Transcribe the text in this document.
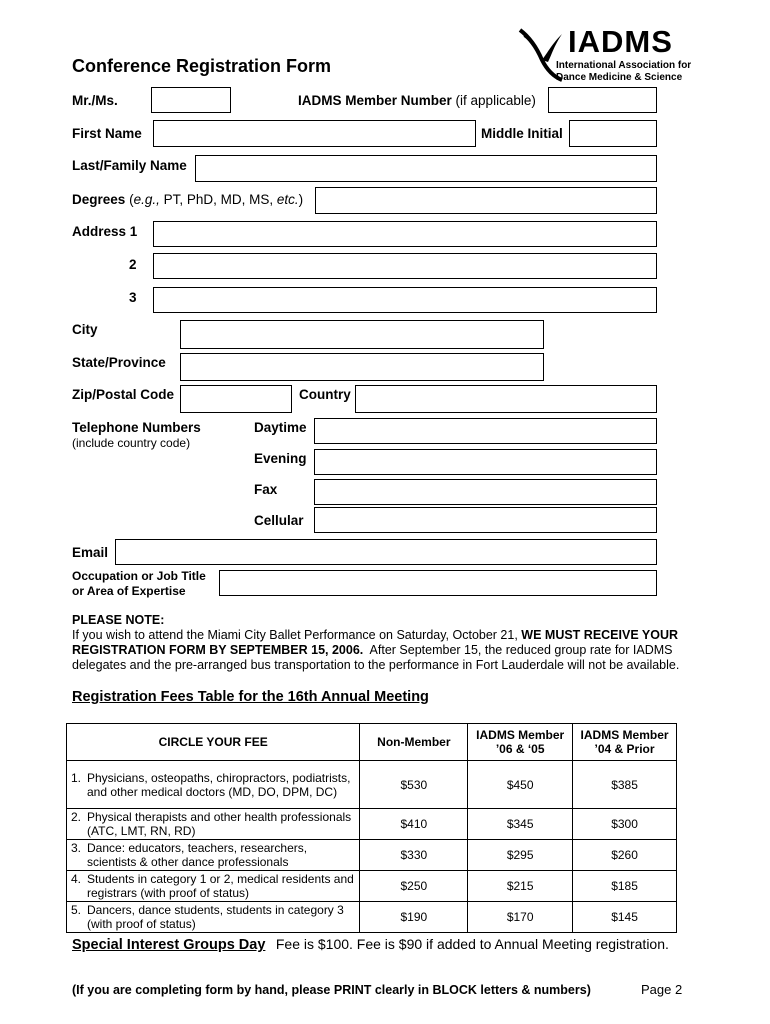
IADMS
International Association for
Dance Medicine & Science
Conference Registration Form
Mr./Ms.	IADMS Member Number (if applicable)
First Name	Middle Initial
Last/Family Name
Degrees (e.g., PT, PhD, MD, MS, etc.)
Address 1
2
3
City
State/Province
Zip/Postal Code	Country
Telephone Numbers
(include country code)
Daytime
Evening
Fax
Cellular
Email
Occupation or Job Title
or Area of Expertise
PLEASE NOTE:
If you wish to attend the Miami City Ballet Performance on Saturday, October 21, WE MUST RECEIVE YOUR
REGISTRATION FORM BY SEPTEMBER 15, 2006.  After September 15, the reduced group rate for IADMS
delegates and the pre-arranged bus transportation to the performance in Fort Lauderdale will not be available.
Registration Fees Table for the 16th Annual Meeting
CIRCLE YOUR FEE	Non-Member	IADMS Member ’06 & ‘05	IADMS Member ’04 & Prior

1. Physicians, osteopaths, chiropractors, podiatrists, and other medical doctors (MD, DO, DPM, DC)	$530	$450	$385

2. Physical therapists and other health professionals (ATC, LMT, RN, RD)	$410	$345	$300

3. Dance: educators, teachers, researchers, scientists & other dance professionals	$330	$295	$260

4. Students in category 1 or 2, medical residents and registrars (with proof of status)	$250	$215	$185

5. Dancers, dance students, students in category 3 (with proof of status)	$190	$170	$145
Special Interest Groups Day Fee is $100. Fee is $90 if added to Annual Meeting registration.
(If you are completing form by hand, please PRINT clearly in BLOCK letters & numbers)	Page 2
